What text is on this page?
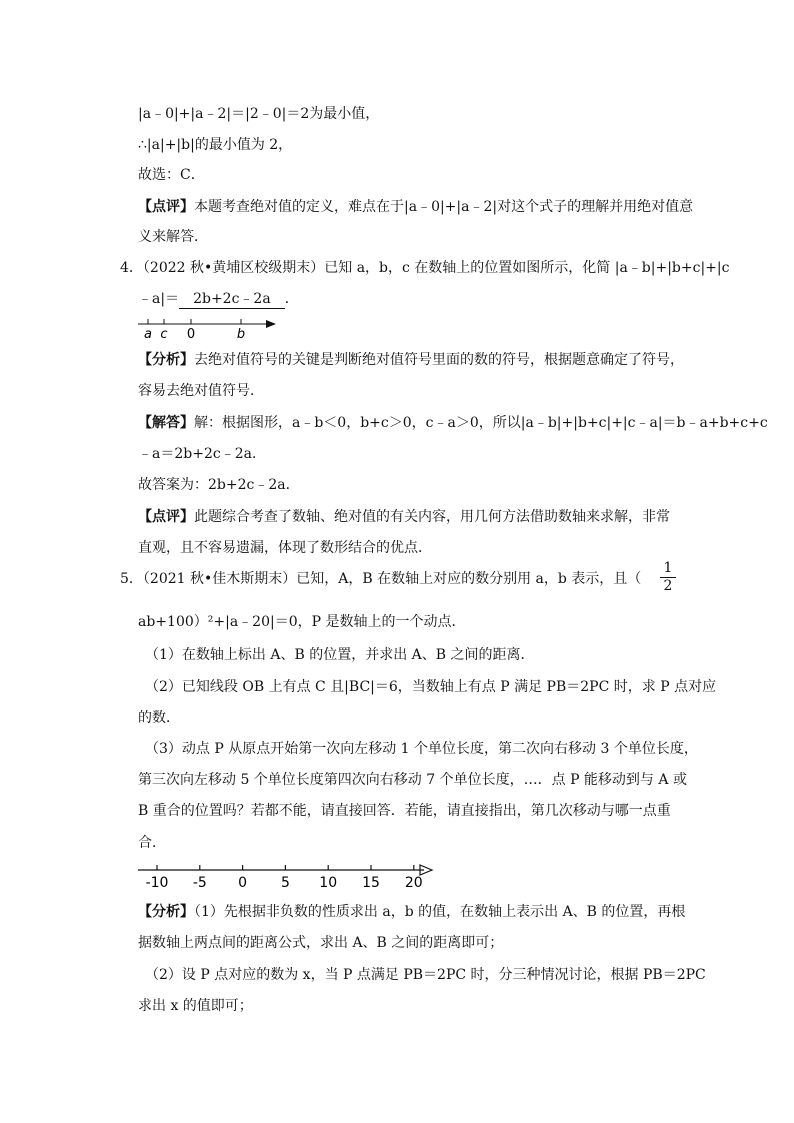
|a﹣0|+|a﹣2|＝|2﹣0|＝2为最小值，
∴|a|+|b|的最小值为 2，
故选：C．
【点评】本题考查绝对值的定义，难点在于|a﹣0|+|a﹣2|对这个式子的理解并用绝对值意
义来解答．
4．（2022 秋•黄埔区校级期末）已知 a，b，c 在数轴上的位置如图所示，化简 |a﹣b|+|b+c|+|c
﹣a|＝ 2b+2c﹣2a ．
a c 0	b
【分析】去绝对值符号的关键是判断绝对值符号里面的数的符号，根据题意确定了符号，
容易去绝对值符号．
【解答】解：根据图形，a﹣b＜0，b+c＞0，c﹣a＞0，所以|a﹣b|+|b+c|+|c﹣a|＝b﹣a+b+c+c
﹣a＝2b+2c﹣2a．
故答案为：2b+2c﹣2a．
【点评】此题综合考查了数轴、绝对值的有关内容，用几何方法借助数轴来求解，非常
直观，且不容易遗漏，体现了数形结合的优点．
5．（2021 秋•佳木斯期末）已知，A，B 在数轴上对应的数分别用 a，b 表示，且（
1
2
ab+100）²+|a﹣20|＝0，P 是数轴上的一个动点．
（1）在数轴上标出 A、B 的位置，并求出 A、B 之间的距离．
（2）已知线段 OB 上有点 C 且|BC|＝6，当数轴上有点 P 满足 PB＝2PC 时，求 P 点对应
的数．
（3）动点 P 从原点开始第一次向左移动 1 个单位长度，第二次向右移动 3 个单位长度，
第三次向左移动 5 个单位长度第四次向右移动 7 个单位长度，…．点 P 能移动到与 A 或
B 重合的位置吗？若都不能，请直接回答．若能，请直接指出，第几次移动与哪一点重
合．
-10 -5 0 5 10 15 20
【分析】（1）先根据非负数的性质求出 a，b 的值，在数轴上表示出 A、B 的位置，再根
据数轴上两点间的距离公式，求出 A、B 之间的距离即可；
（2）设 P 点对应的数为 x，当 P 点满足 PB＝2PC 时，分三种情况讨论，根据 PB＝2PC
求出 x 的值即可；
